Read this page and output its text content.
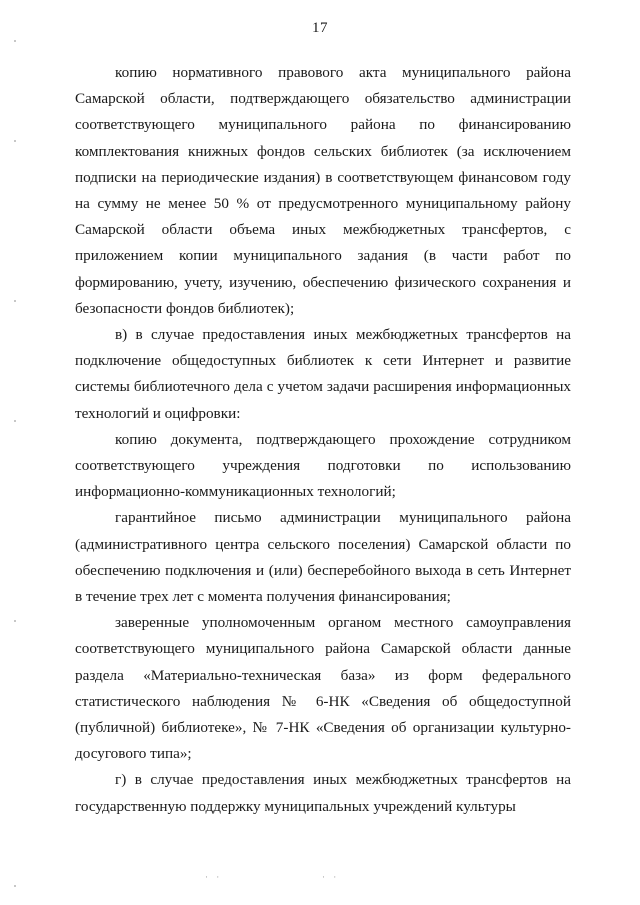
17

копию нормативного правового акта муниципального района Самарской области, подтверждающего обязательство администрации соответствующего муниципального района по финансированию комплектования книжных фондов сельских библиотек (за исключением подписки на периодические издания) в соответствующем финансовом году на сумму не менее 50 % от предусмотренного муниципальному району Самарской области объема иных межбюджетных трансфертов, с приложением копии муниципального задания (в части работ по формированию, учету, изучению, обеспечению физического сохранения и безопасности фондов библиотек);

в) в случае предоставления иных межбюджетных трансфертов на подключение общедоступных библиотек к сети Интернет и развитие системы библиотечного дела с учетом задачи расширения информационных технологий и оцифровки:

копию документа, подтверждающего прохождение сотрудником соответствующего учреждения подготовки по использованию информационно-коммуникационных технологий;

гарантийное письмо администрации муниципального района (административного центра сельского поселения) Самарской области по обеспечению подключения и (или) бесперебойного выхода в сеть Интернет в течение трех лет с момента получения финансирования;

заверенные уполномоченным органом местного самоуправления соответствующего муниципального района Самарской области данные раздела «Материально-техническая база» из форм федерального статистического наблюдения № 6-НК «Сведения об общедоступной (публичной) библиотеке», № 7-НК «Сведения об организации культурно-досугового типа»;

г) в случае предоставления иных межбюджетных трансфертов на государственную поддержку муниципальных учреждений культуры

· ·                   · ·
